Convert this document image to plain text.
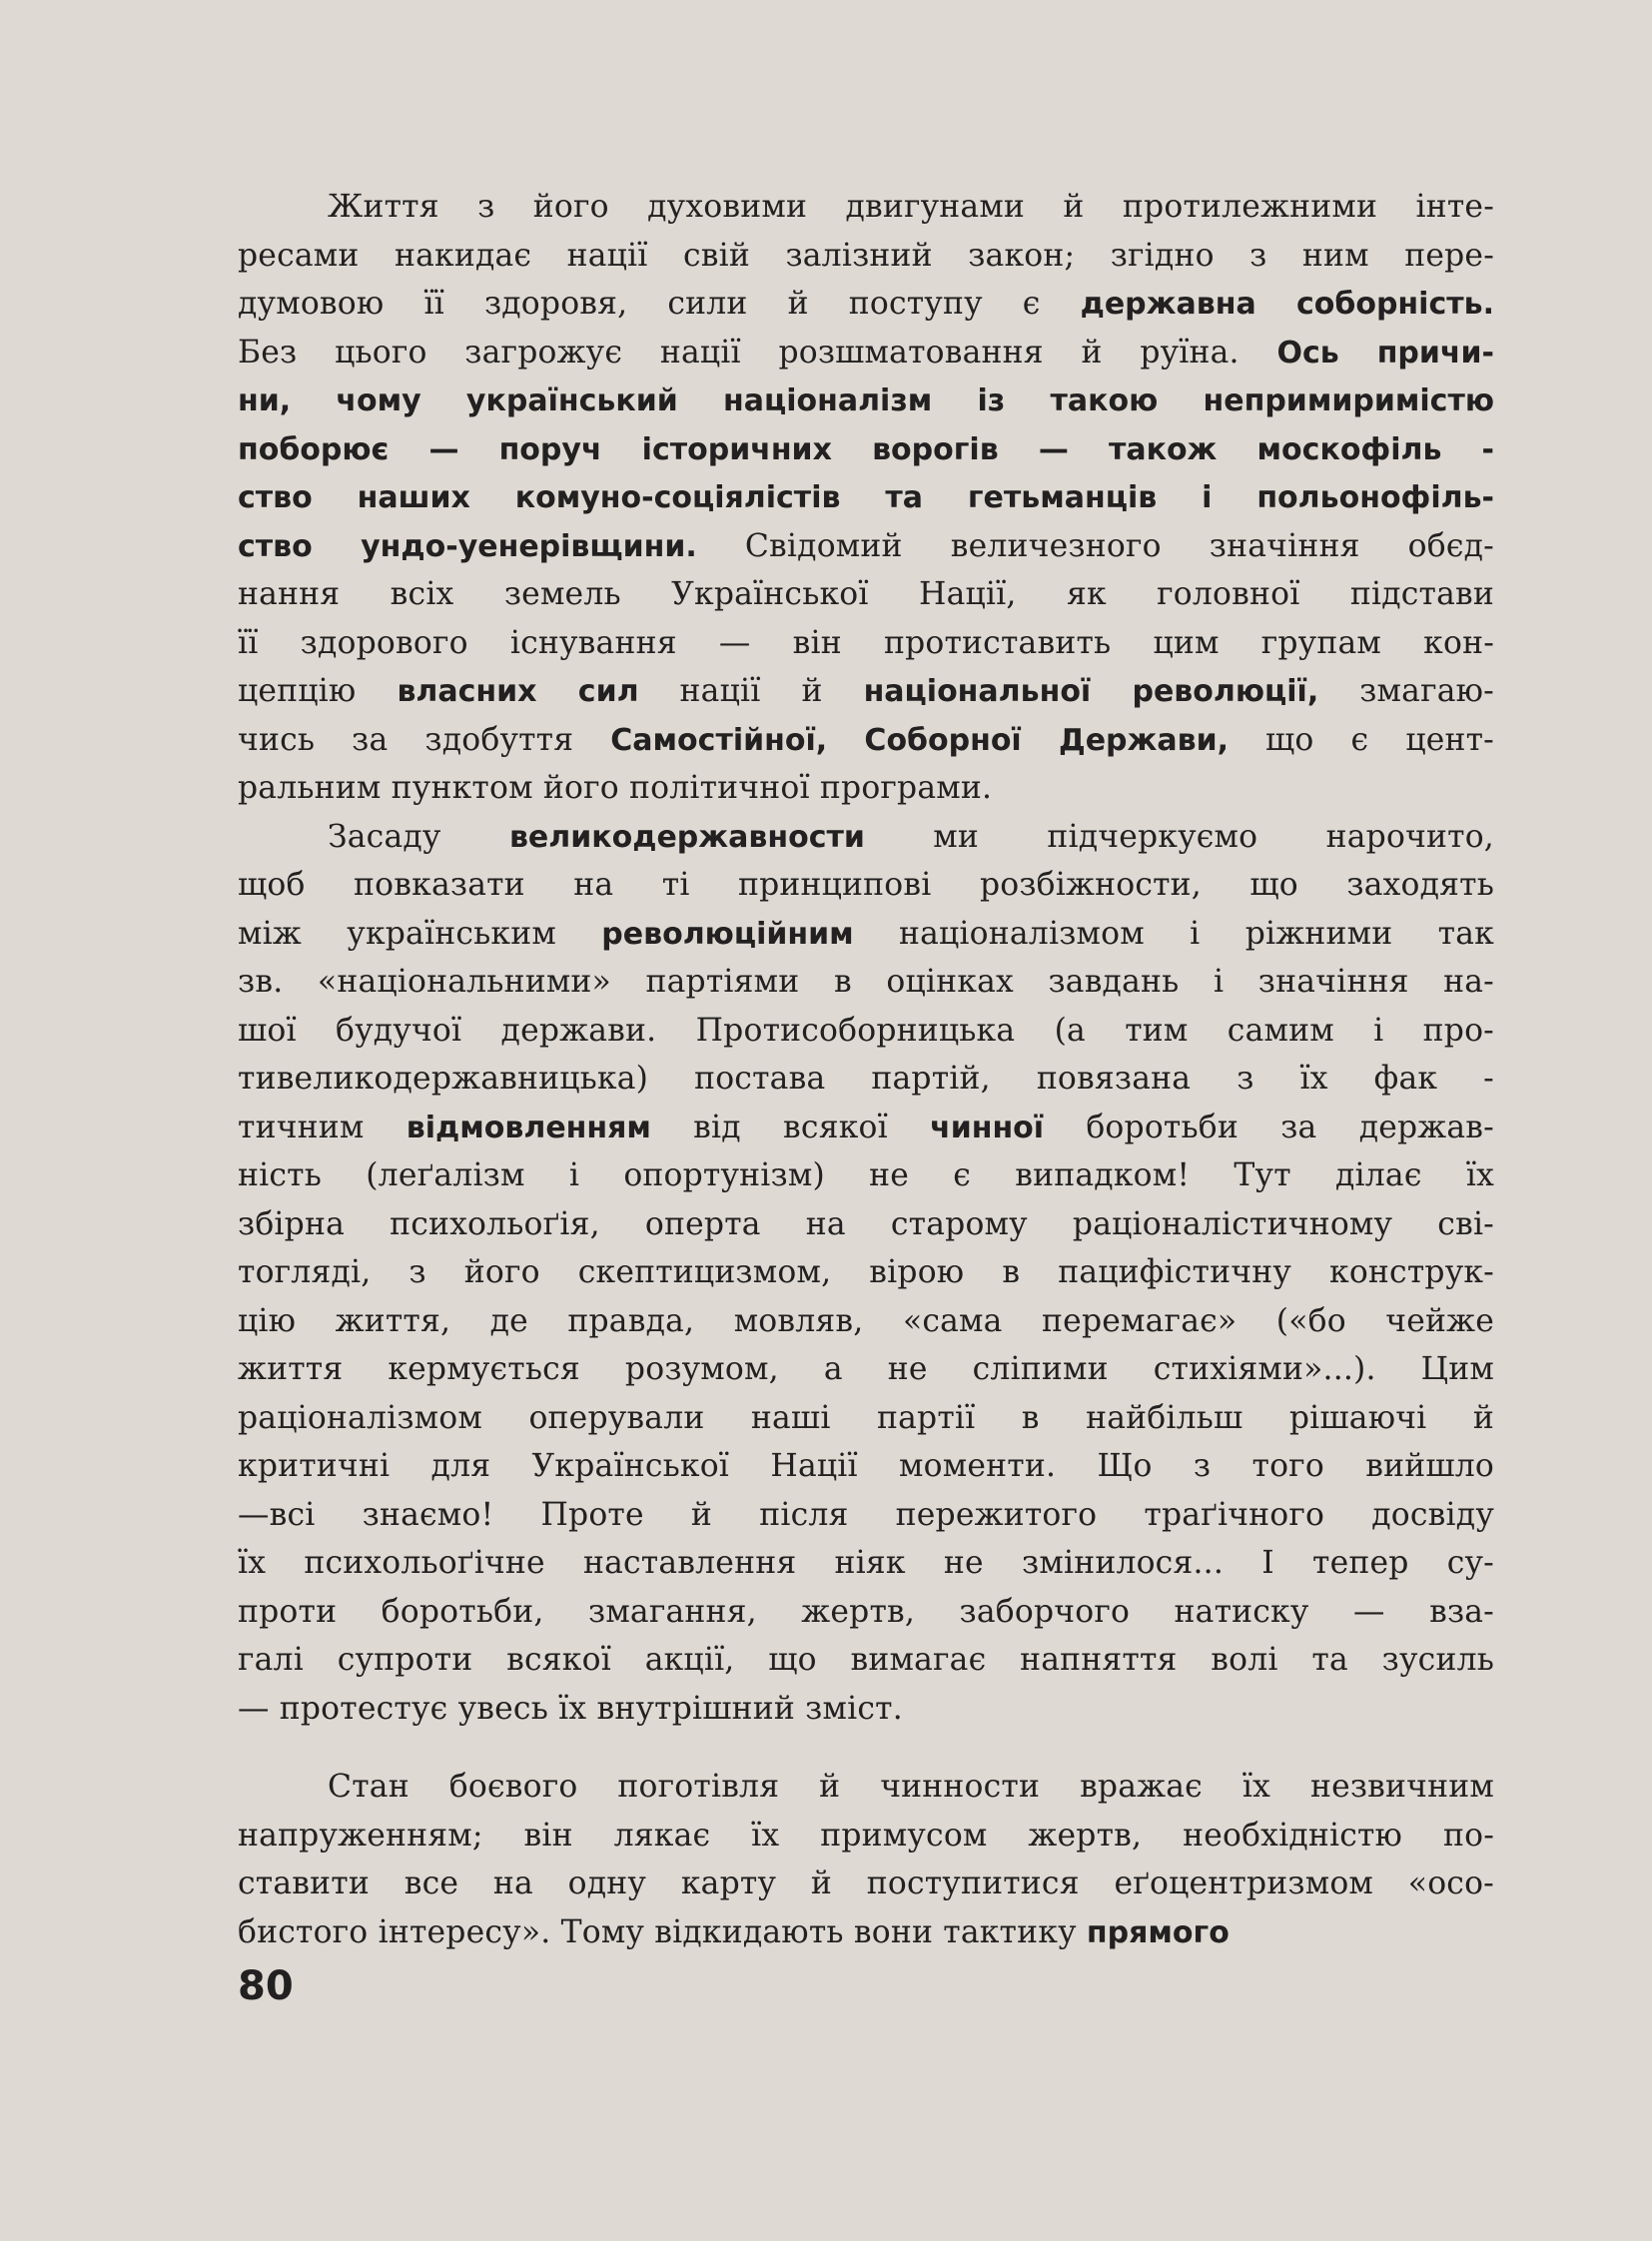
Життя з його духовими двигунами й протилежними інте-
ресами накидає нації свій залізний закон; згідно з ним пере-
думовою її здоровя, сили й поступу є державна соборність.
Без цього загрожує нації розшматовання й руїна. Ось причи-
ни, чому український націоналізм із такою непримиримістю
поборює — поруч історичних ворогів — також москофіль -
ство наших комуно-соціялістів та гетьманців і польонофіль-
ство ундо-уенерівщини. Свідомий величезного значіння обєд-
нання всіх земель Української Нації, як головної підстави
її здорового існування — він протиставить цим групам кон-
цепцію власних сил нації й національної революції, змагаю-
чись за здобуття Самостійної, Соборної Держави, що є цент-
ральним пунктом його політичної програми.
Засаду великодержавности ми підчеркуємо нарочито,
щоб повказати на ті принципові розбіжности, що заходять
між українським революційним націоналізмом і ріжними так
зв. «національними» партіями в оцінках завдань і значіння на-
шої будучої держави. Протисоборницька (а тим самим і про-
тивеликодержавницька) постава партій, повязана з їх фак -
тичним відмовленням від всякої чинної боротьби за держав-
ність (леґалізм і опортунізм) не є випадком! Тут ділає їх
збірна психольоґія, оперта на старому раціоналістичному сві-
тогляді, з його скептицизмом, вірою в пацифістичну конструк-
цію життя, де правда, мовляв, «сама перемагає» («бо чейже
життя кермується розумом, а не сліпими стихіями»...). Цим
раціоналізмом оперували наші партії в найбільш рішаючі й
критичні для Української Нації моменти. Що з того вийшло
—всі знаємо! Проте й після пережитого траґічного досвіду
їх психольоґічне наставлення ніяк не змінилося... І тепер су-
проти боротьби, змагання, жертв, заборчого натиску — вза-
галі супроти всякої акції, що вимагає напняття волі та зусиль
— протестує увесь їх внутрішний зміст.
Стан боєвого поготівля й чинности вражає їх незвичним
напруженням; він лякає їх примусом жертв, необхідністю по-
ставити все на одну карту й поступитися еґоцентризмом «осо-
бистого інтересу». Тому відкидають вони тактику прямого
80
